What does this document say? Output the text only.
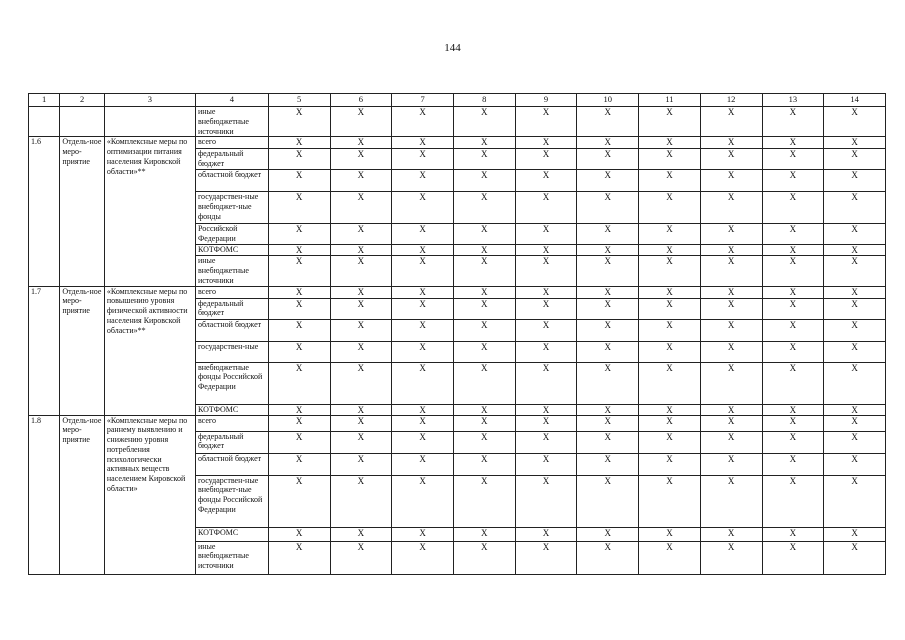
144
1	2	3	4	5	6	7	8	9	10	11	12	13	14
			иные внебюджетные источники	X	X	X	X	X	X	X	X	X	X
1.6	Отдель-ное меро-приятие	«Комплексные меры по оптимизации питания населения Кировской области»**	всего	X	X	X	X	X	X	X	X	X	X
			федеральный бюджет	X	X	X	X	X	X	X	X	X	X
			областной бюджет	X	X	X	X	X	X	X	X	X	X
			государствен-ные внебюджет-ные фонды	X	X	X	X	X	X	X	X	X	X
			Российской Федерации	X	X	X	X	X	X	X	X	X	X
			КОТФОМС	X	X	X	X	X	X	X	X	X	X
			иные внебюджетные источники	X	X	X	X	X	X	X	X	X	X
1.7	Отдель-ное меро-приятие	«Комплексные меры по повышению уровня физической активности населения Кировской области»**	всего	X	X	X	X	X	X	X	X	X	X
			федеральный бюджет	X	X	X	X	X	X	X	X	X	X
			областной бюджет	X	X	X	X	X	X	X	X	X	X
			государствен-ные	X	X	X	X	X	X	X	X	X	X
			внебюджетные фонды Российской Федерации	X	X	X	X	X	X	X	X	X	X
			КОТФОМС	X	X	X	X	X	X	X	X	X	X
1.8	Отдель-ное меро-приятие	«Комплексные меры по раннему выявлению и снижению уровня потребления психологически активных веществ населением Кировской области»	всего	X	X	X	X	X	X	X	X	X	X
			федеральный бюджет	X	X	X	X	X	X	X	X	X	X
			областной бюджет	X	X	X	X	X	X	X	X	X	X
			государствен-ные внебюджет-ные фонды Российской Федерации	X	X	X	X	X	X	X	X	X	X
			КОТФОМС	X	X	X	X	X	X	X	X	X	X
			иные внебюджетные источники	X	X	X	X	X	X	X	X	X	X
